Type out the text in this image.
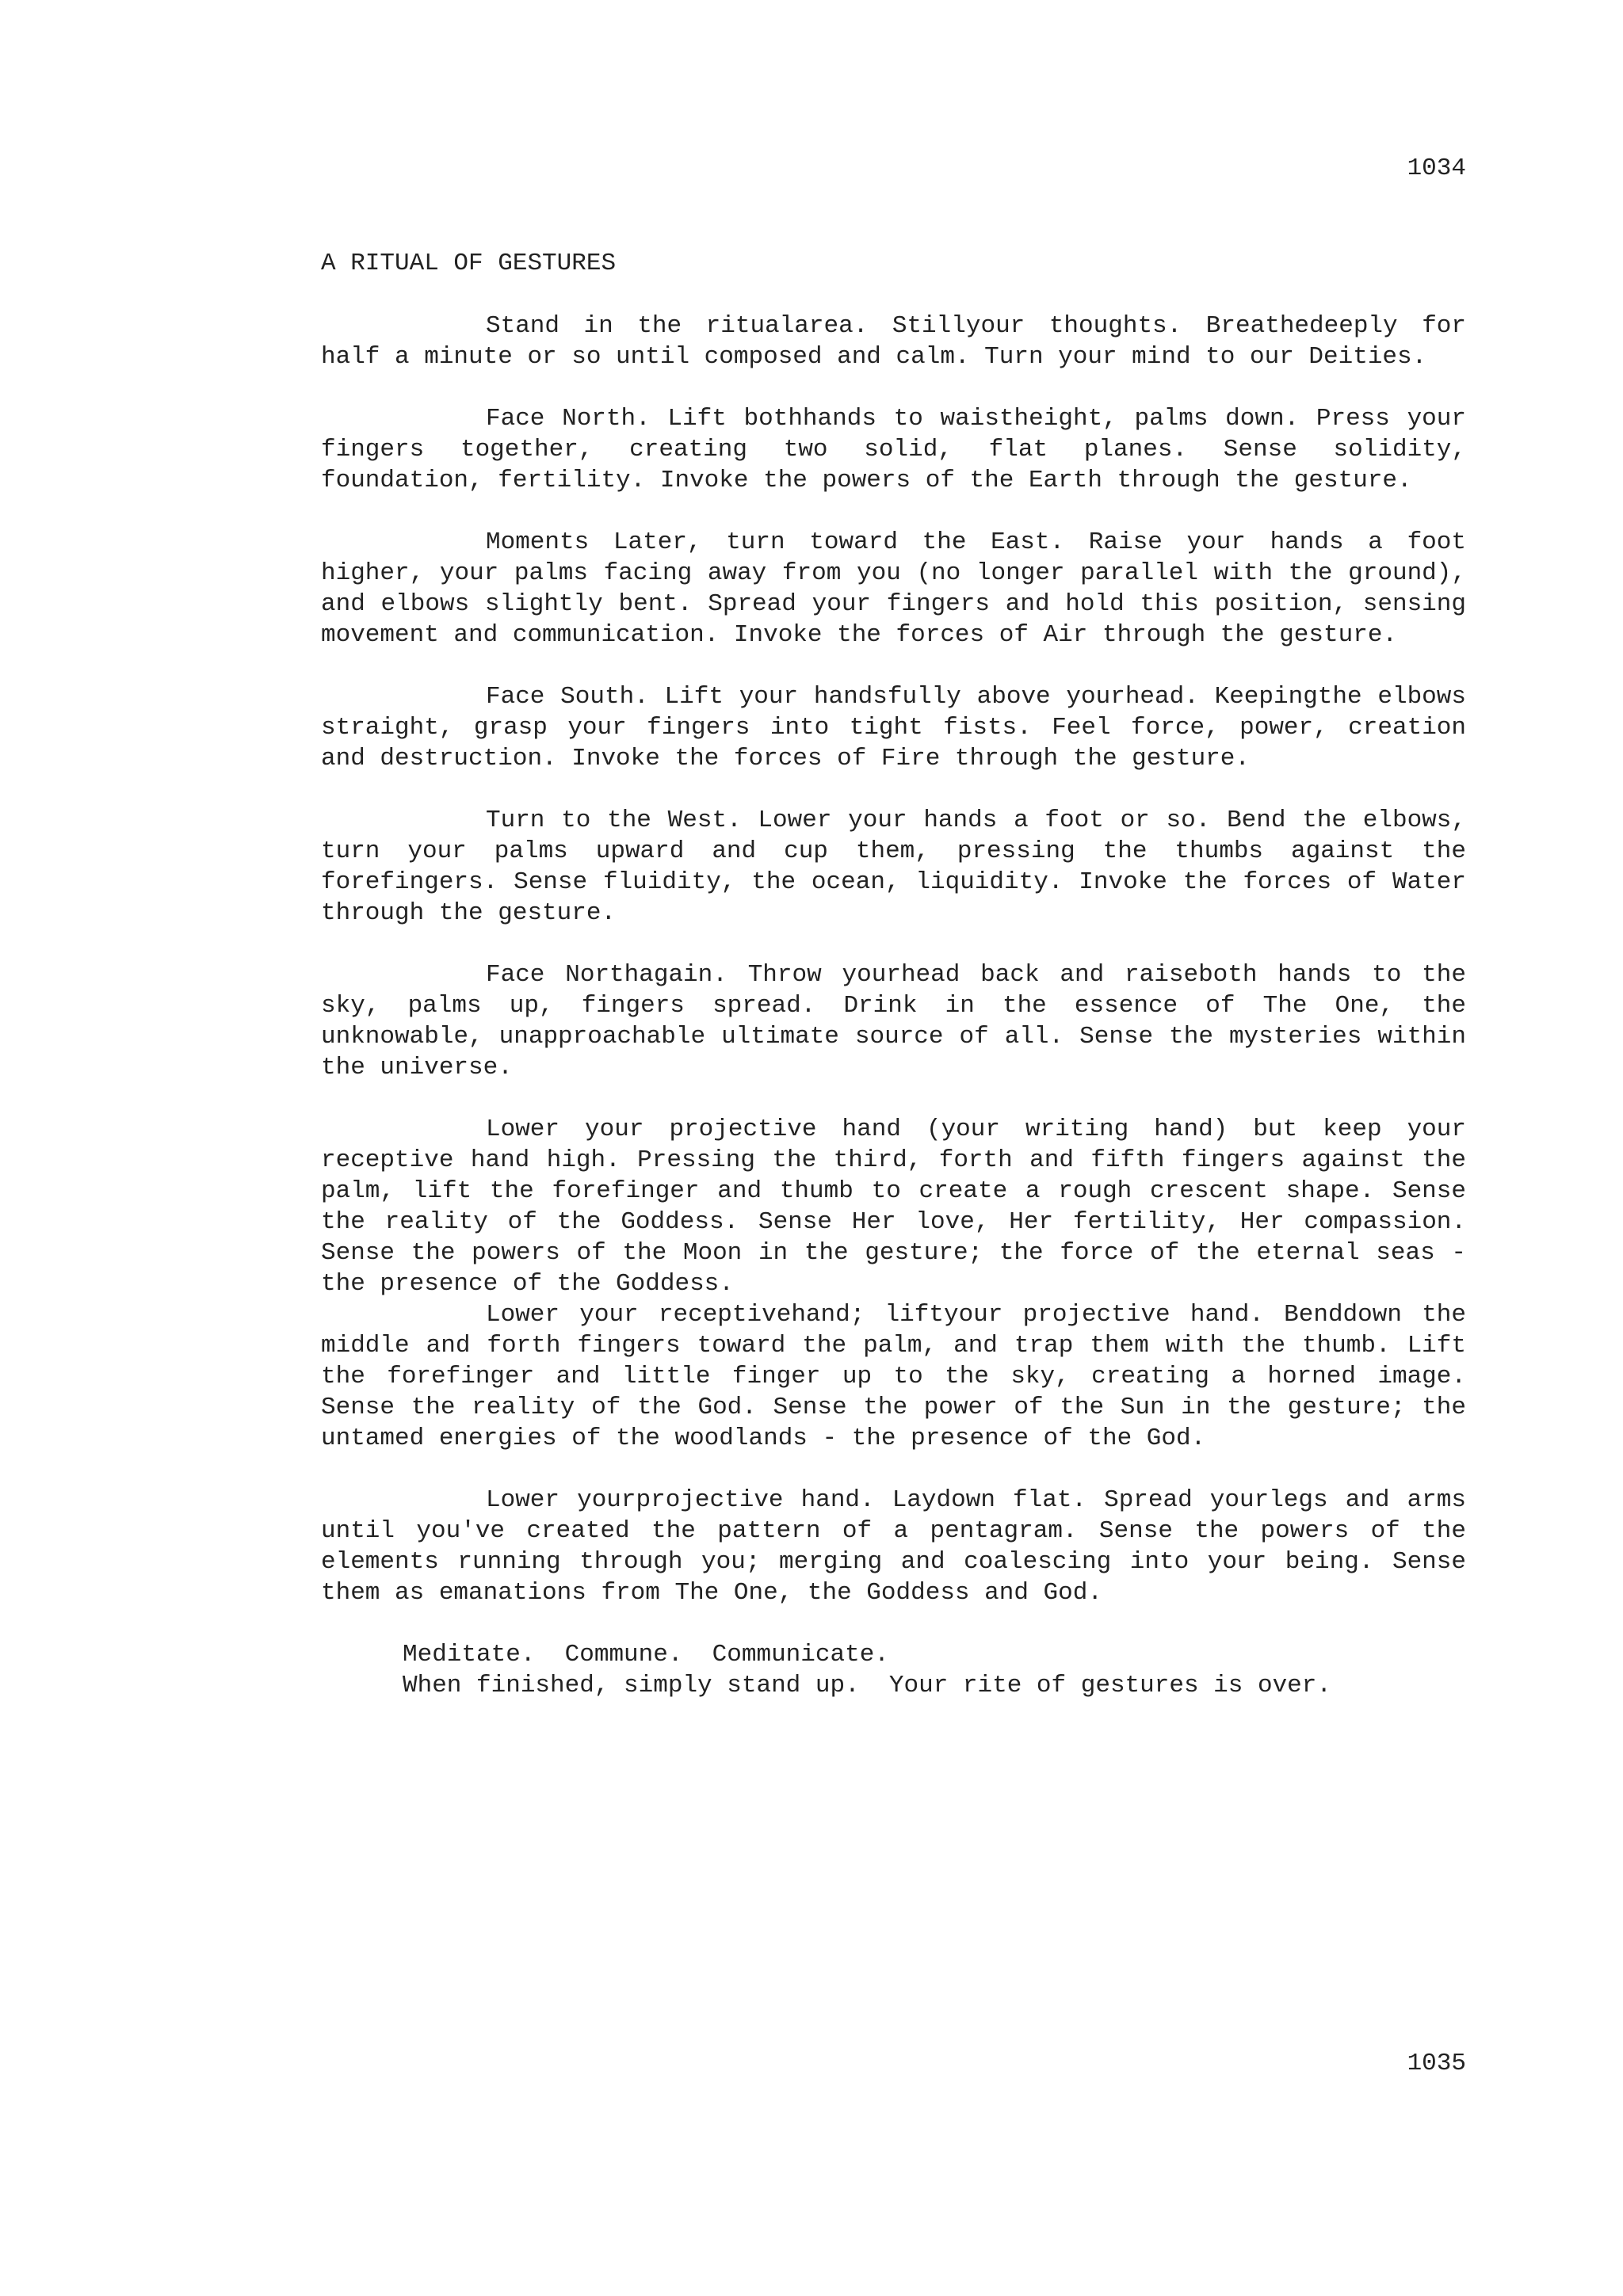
1034
A RITUAL OF GESTURES

Stand in the ritualarea. Stillyour thoughts. Breathedeeply for half a minute or so until composed and calm. Turn your mind to our Deities.

Face North. Lift bothhands to waistheight, palms down. Press your fingers together, creating two solid, flat planes. Sense solidity, foundation, fertility. Invoke the powers of the Earth through the gesture.

Moments Later, turn toward the East. Raise your hands a foot higher, your palms facing away from you (no longer parallel with the ground), and elbows slightly bent. Spread your fingers and hold this position, sensing movement and communication. Invoke the forces of Air through the gesture.

Face South. Lift your handsfully above yourhead. Keepingthe elbows straight, grasp your fingers into tight fists. Feel force, power, creation and destruction. Invoke the forces of Fire through the gesture.

Turn to the West. Lower your hands a foot or so. Bend the elbows, turn your palms upward and cup them, pressing the thumbs against the forefingers. Sense fluidity, the ocean, liquidity. Invoke the forces of Water through the gesture.

Face Northagain. Throw yourhead back and raiseboth hands to the sky, palms up, fingers spread. Drink in the essence of The One, the unknowable, unapproachable ultimate source of all. Sense the mysteries within the universe.

Lower your projective hand (your writing hand) but keep your receptive hand high. Pressing the third, forth and fifth fingers against the palm, lift the forefinger and thumb to create a rough crescent shape. Sense the reality of the Goddess. Sense Her love, Her fertility, Her compassion. Sense the powers of the Moon in the gesture; the force of the eternal seas - the presence of the Goddess.

Lower your receptivehand; liftyour projective hand. Benddown the middle and forth fingers toward the palm, and trap them with the thumb. Lift the forefinger and little finger up to the sky, creating a horned image. Sense the reality of the God. Sense the power of the Sun in the gesture; the untamed energies of the woodlands - the presence of the God.

Lower yourprojective hand. Laydown flat. Spread yourlegs and arms until you've created the pattern of a pentagram. Sense the powers of the elements running through you; merging and coalescing into your being. Sense them as emanations from The One, the Goddess and God.

Meditate.  Commune.  Communicate.

When finished, simply stand up.  Your rite of gestures is over.

1035
